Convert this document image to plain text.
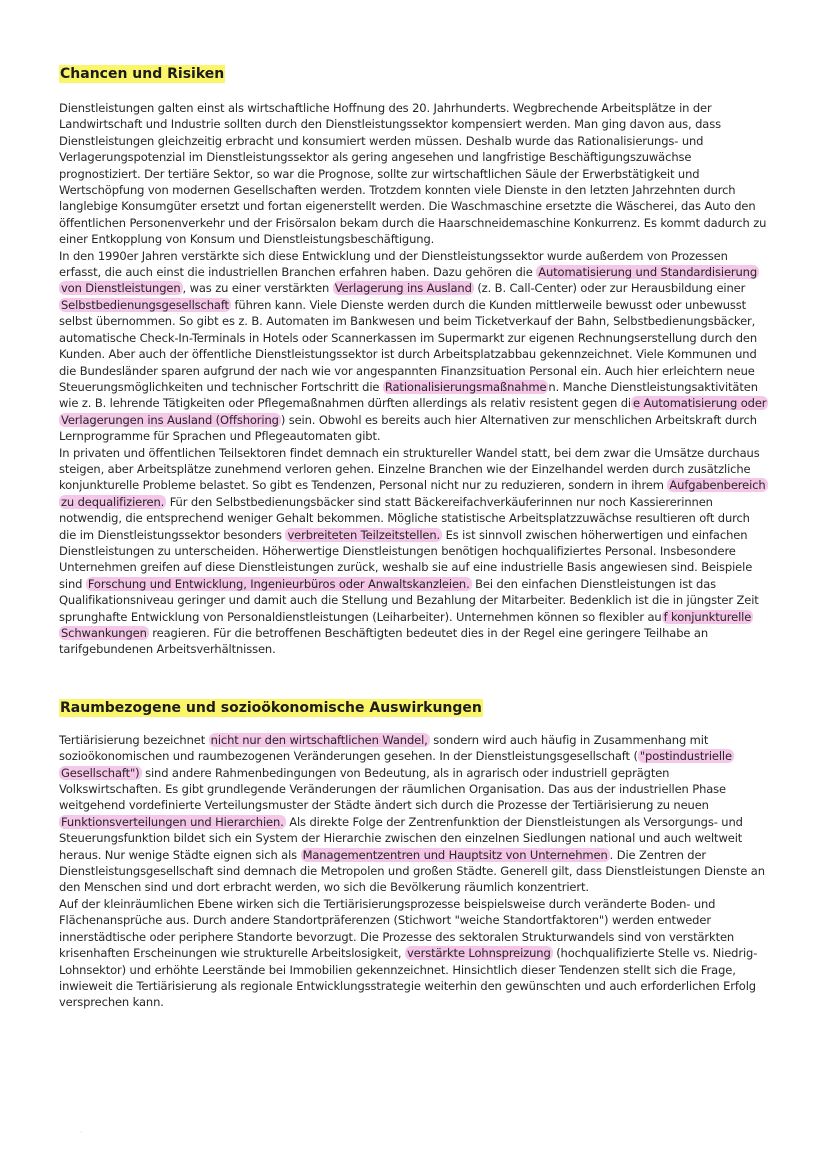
Chancen und Risiken

Dienstleistungen galten einst als wirtschaftliche Hoffnung des 20. Jahrhunderts. Wegbrechende Arbeitsplätze in der Landwirtschaft und Industrie sollten durch den Dienstleistungssektor kompensiert werden. Man ging davon aus, dass Dienstleistungen gleichzeitig erbracht und konsumiert werden müssen. Deshalb wurde das Rationalisierungs- und Verlagerungspotenzial im Dienstleistungssektor als gering angesehen und langfristige Beschäftigungszuwächse prognostiziert. Der tertiäre Sektor, so war die Prognose, sollte zur wirtschaftlichen Säule der Erwerbstätigkeit und Wertschöpfung von modernen Gesellschaften werden. Trotzdem konnten viele Dienste in den letzten Jahrzehnten durch langlebige Konsumgüter ersetzt und fortan eigenerstellt werden. Die Waschmaschine ersetzte die Wäscherei, das Auto den öffentlichen Personenverkehr und der Frisörsalon bekam durch die Haarschneidemaschine Konkurrenz. Es kommt dadurch zu einer Entkopplung von Konsum und Dienstleistungsbeschäftigung.

In den 1990er Jahren verstärkte sich diese Entwicklung und der Dienstleistungssektor wurde außerdem von Prozessen erfasst, die auch einst die industriellen Branchen erfahren haben. Dazu gehören die Automatisierung und Standardisierung von Dienstleistungen , was zu einer verstärkten Verlagerung ins Ausland (z. B. Call-Center) oder zur Herausbildung einer Selbstbedienungsgesellschaft führen kann. Viele Dienste werden durch die Kunden mittlerweile bewusst oder unbewusst selbst übernommen. So gibt es z. B. Automaten im Bankwesen und beim Ticketverkauf der Bahn, Selbstbedienungsbäcker, automatische Check-In-Terminals in Hotels oder Scannerkassen im Supermarkt zur eigenen Rechnungserstellung durch den Kunden. Aber auch der öffentliche Dienstleistungssektor ist durch Arbeitsplatzabbau gekennzeichnet. Viele Kommunen und die Bundesländer sparen aufgrund der nach wie vor angespannten Finanzsituation Personal ein. Auch hier erleichtern neue Steuerungsmöglichkeiten und technischer Fortschritt die Rationalisierungsmaßnahme n. Manche Dienstleistungsaktivitäten wie z. B. lehrende Tätigkeiten oder Pflegemaßnahmen dürften allerdings als relativ resistent gegen di e Automatisierung oder Verlagerungen ins Ausland (Offshoring ) sein. Obwohl es bereits auch hier Alternativen zur menschlichen Arbeitskraft durch Lernprogramme für Sprachen und Pflegeautomaten gibt.

In privaten und öffentlichen Teilsektoren findet demnach ein struktureller Wandel statt, bei dem zwar die Umsätze durchaus steigen, aber Arbeitsplätze zunehmend verloren gehen. Einzelne Branchen wie der Einzelhandel werden durch zusätzliche konjunkturelle Probleme belastet. So gibt es Tendenzen, Personal nicht nur zu reduzieren, sondern in ihrem Aufgabenbereich zu dequalifizieren. Für den Selbstbedienungsbäcker sind statt Bäckereifachverkäuferinnen nur noch Kassiererinnen notwendig, die entsprechend weniger Gehalt bekommen. Mögliche statistische Arbeitsplatzzuwächse resultieren oft durch die im Dienstleistungssektor besonders verbreiteten Teilzeitstellen. Es ist sinnvoll zwischen höherwertigen und einfachen Dienstleistungen zu unterscheiden. Höherwertige Dienstleistungen benötigen hochqualifiziertes Personal. Insbesondere Unternehmen greifen auf diese Dienstleistungen zurück, weshalb sie auf eine industrielle Basis angewiesen sind. Beispiele sind Forschung und Entwicklung, Ingenieurbüros oder Anwaltskanzleien. Bei den einfachen Dienstleistungen ist das Qualifikationsniveau geringer und damit auch die Stellung und Bezahlung der Mitarbeiter. Bedenklich ist die in jüngster Zeit sprunghafte Entwicklung von Personaldienstleistungen (Leiharbeiter). Unternehmen können so flexibler au f konjunkturelle Schwankungen reagieren. Für die betroffenen Beschäftigten bedeutet dies in der Regel eine geringere Teilhabe an tarifgebundenen Arbeitsverhältnissen.

Raumbezogene und sozioökonomische Auswirkungen

Tertiärisierung bezeichnet nicht nur den wirtschaftlichen Wandel, sondern wird auch häufig in Zusammenhang mit sozioökonomischen und raumbezogenen Veränderungen gesehen. In der Dienstleistungsgesellschaft ( "postindustrielle Gesellschaft") sind andere Rahmenbedingungen von Bedeutung, als in agrarisch oder industriell geprägten Volkswirtschaften. Es gibt grundlegende Veränderungen der räumlichen Organisation. Das aus der industriellen Phase weitgehend vordefinierte Verteilungsmuster der Städte ändert sich durch die Prozesse der Tertiärisierung zu neuen Funktionsverteilungen und Hierarchien. Als direkte Folge der Zentrenfunktion der Dienstleistungen als Versorgungs- und Steuerungsfunktion bildet sich ein System der Hierarchie zwischen den einzelnen Siedlungen national und auch weltweit heraus. Nur wenige Städte eignen sich als Managementzentren und Hauptsitz von Unternehmen . Die Zentren der Dienstleistungsgesellschaft sind demnach die Metropolen und großen Städte. Generell gilt, dass Dienstleistungen Dienste an den Menschen sind und dort erbracht werden, wo sich die Bevölkerung räumlich konzentriert.

Auf der kleinräumlichen Ebene wirken sich die Tertiärisierungsprozesse beispielsweise durch veränderte Boden- und Flächenansprüche aus. Durch andere Standortpräferenzen (Stichwort "weiche Standortfaktoren") werden entweder innerstädtische oder periphere Standorte bevorzugt. Die Prozesse des sektoralen Strukturwandels sind von verstärkten krisenhaften Erscheinungen wie strukturelle Arbeitslosigkeit, verstärkte Lohnspreizung (hochqualifizierte Stelle vs. Niedrig-Lohnsektor) und erhöhte Leerstände bei Immobilien gekennzeichnet. Hinsichtlich dieser Tendenzen stellt sich die Frage, inwieweit die Tertiärisierung als regionale Entwicklungsstrategie weiterhin den gewünschten und auch erforderlichen Erfolg versprechen kann.

·
